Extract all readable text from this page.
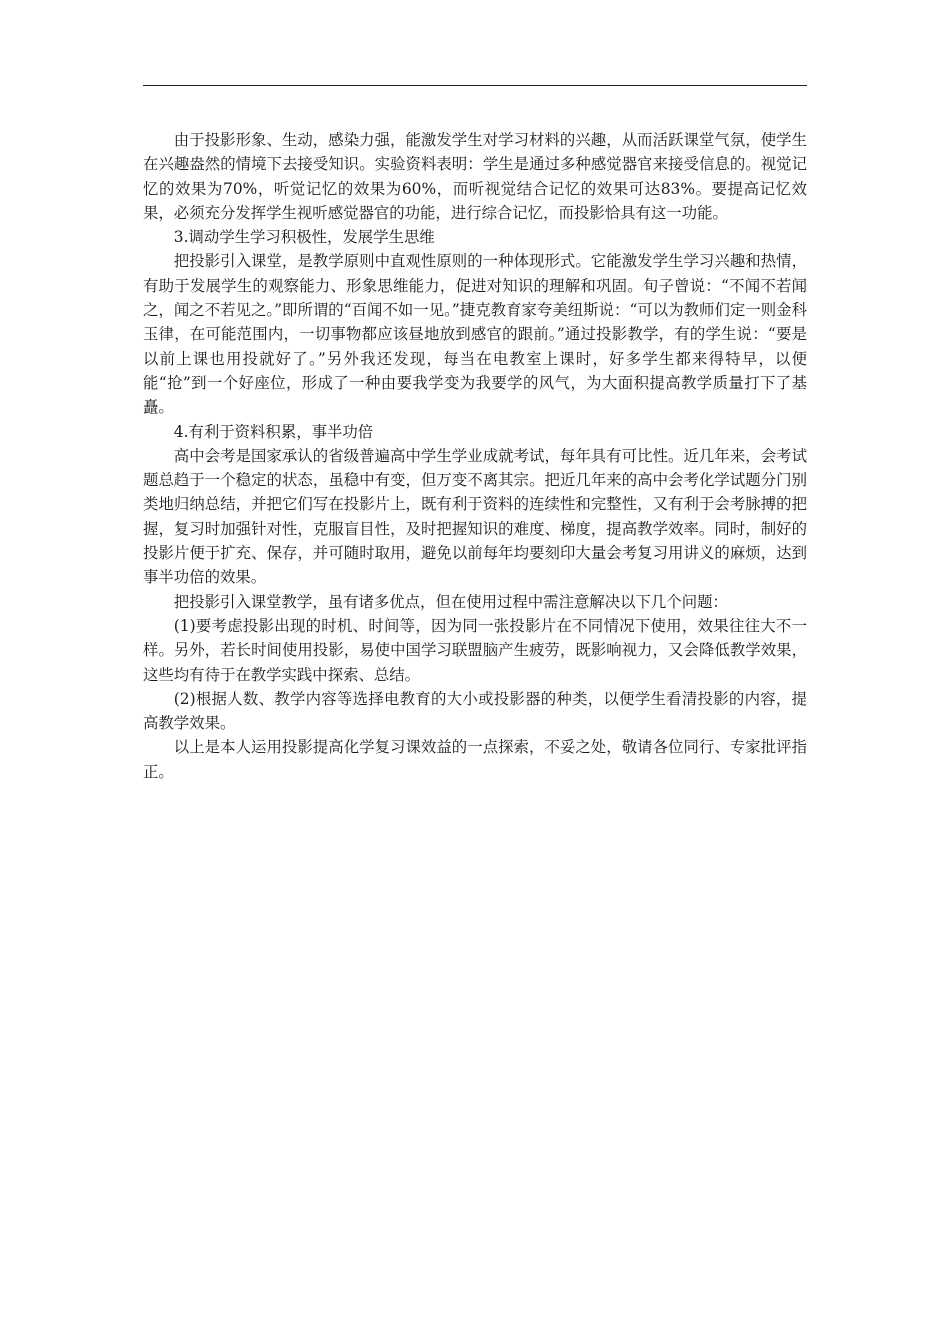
由于投影形象、生动，感染力强，能激发学生对学习材料的兴趣，从而活跃课堂气氛，使学生在兴趣盎然的情境下去接受知识。实验资料表明：学生是通过多种感觉器官来接受信息的。视觉记忆的效果为70%，听觉记忆的效果为60%，而听视觉结合记忆的效果可达83%。要提高记忆效果，必须充分发挥学生视听感觉器官的功能，进行综合记忆，而投影恰具有这一功能。

3.调动学生学习积极性，发展学生思维

把投影引入课堂，是教学原则中直观性原则的一种体现形式。它能激发学生学习兴趣和热情，有助于发展学生的观察能力、形象思维能力，促进对知识的理解和巩固。旬子曾说：“不闻不若闻之，闻之不若见之。”即所谓的“百闻不如一见。”捷克教育家夸美纽斯说：“可以为教师们定一则金科玉律，在可能范围内，一切事物都应该昼地放到感官的跟前。”通过投影教学，有的学生说：“要是以前上课也用投就好了。”另外我还发现，每当在电教室上课时，好多学生都来得特早，以便能“抢”到一个好座位，形成了一种由要我学变为我要学的风气，为大面积提高教学质量打下了基矗。

4.有利于资料积累，事半功倍

高中会考是国家承认的省级普遍高中学生学业成就考试，每年具有可比性。近几年来，会考试题总趋于一个稳定的状态，虽稳中有变，但万变不离其宗。把近几年来的高中会考化学试题分门别类地归纳总结，并把它们写在投影片上，既有利于资料的连续性和完整性，又有利于会考脉搏的把握，复习时加强针对性，克服盲目性，及时把握知识的难度、梯度，提高教学效率。同时，制好的投影片便于扩充、保存，并可随时取用，避免以前每年均要刻印大量会考复习用讲义的麻烦，达到事半功倍的效果。

把投影引入课堂教学，虽有诸多优点，但在使用过程中需注意解决以下几个问题：

(1)要考虑投影出现的时机、时间等，因为同一张投影片在不同情况下使用，效果往往大不一样。另外，若长时间使用投影，易使中国学习联盟脑产生疲劳，既影响视力，又会降低教学效果，这些均有待于在教学实践中探索、总结。

(2)根据人数、教学内容等选择电教育的大小或投影器的种类，以便学生看清投影的内容，提高教学效果。

以上是本人运用投影提高化学复习课效益的一点探索，不妥之处，敬请各位同行、专家批评指正。
